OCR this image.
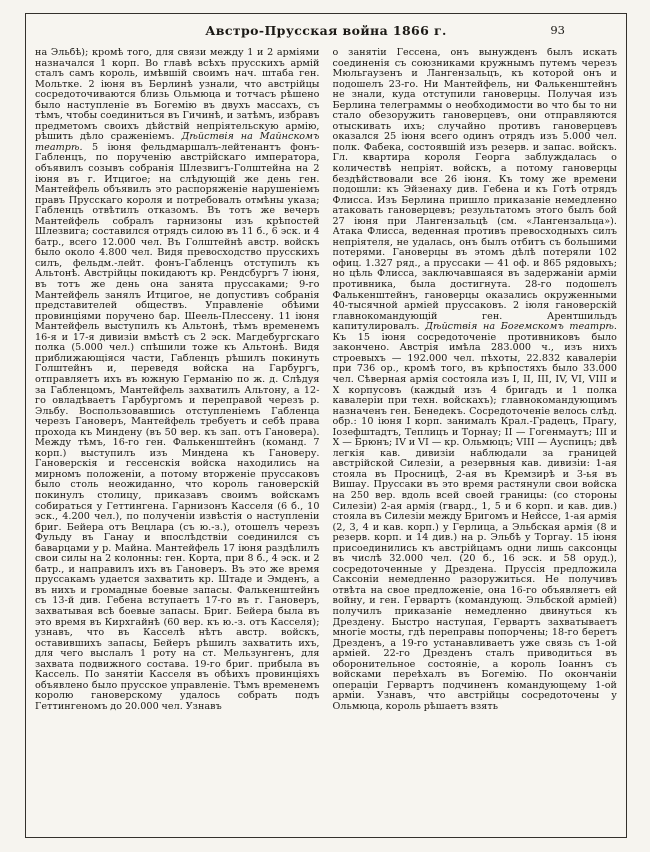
Австро-Прусская война 1866 г.	93
на Эльбѣ); кромѣ того, для связи между 1 и 2 арміями назначался 1 корп. Во главѣ всѣхъ прусскихъ армій сталъ самъ король, имѣвшій своимъ нач. штаба ген. Мольтке. 2 іюня въ Берлинѣ узнали, что австрійцы сосредоточиваются близь Ольмюца и тотчасъ рѣшено было наступленіе въ Богемію въ двухъ массахъ, съ тѣмъ, чтобы соединиться въ Гичинѣ, и затѣмъ, избравъ предметомъ своихъ дѣйствій непріятельскую армію, рѣшить дѣло сраженіемъ. Дѣйствія на Майнскомъ театрѣ. 5 іюня фельдмаршалъ-лейтенантъ фонъ-Габленцъ, по порученію австрійскаго императора, объявилъ созывъ собранія Шлезвигъ-Голштейна на 2 іюня въ г. Итцигое; на слѣдующій же день ген. Мантейфель объявилъ это распоряженіе нарушеніемъ правъ Прусскаго короля и потребовалъ отмѣны указа; Габленцъ отвѣтилъ отказомъ. Въ тотъ же вечеръ Мантейфель собралъ гарнизоны изъ крѣпостей Шлезвига; составился отрядъ силою въ 11 б., 6 эск. и 4 батр., всего 12.000 чел. Въ Голштейнѣ австр. войскъ было около 4.800 чел. Видя превосходство прусскихъ силъ, фельдм.-лейт. фонъ-Габленцъ отступилъ къ Альтонѣ. Австрійцы покидаютъ кр. Рендсбургъ 7 іюня, въ тотъ же день она занята пруссаками; 9-го Мантейфель занялъ Итцигое, не допустивъ собранія представителей обществъ. Управленіе обѣими провинціями поручено бар. Шеель-Плессену. 11 іюня Мантейфель выступилъ къ Альтонѣ, тѣмъ временемъ 16-я и 17-я дивизіи вмѣстѣ съ 2 эск. Магдебургскаго полка (5.000 чел.) спѣшили тоже къ Альтонѣ. Видя приближающіяся части, Габленцъ рѣшилъ покинуть Голштейнъ и, переведя войска на Гарбургъ, отправляетъ ихъ въ южную Германію по ж. д. Слѣдуя за Габленцомъ, Мантейфель захватилъ Альтону, а 12-го овладѣваетъ Гарбургомъ и переправой черезъ р. Эльбу. Воспользовавшись отступленіемъ Габленца черезъ Гановеръ, Мантейфель требуетъ и себѣ права прохода къ Миндену (въ 50 вер. къ зап. отъ Гановера). Между тѣмъ, 16-го ген. Фалькенштейнъ (команд. 7 корп.) выступилъ изъ Миндена къ Гановеру. Гановерскія и гессенскія войска находились на мирномъ положеніи, а потому вторженіе пруссаковъ было столь неожиданно, что король гановерскій покинулъ столицу, приказавъ своимъ войскамъ собираться у Геттингена. Гарнизонъ Касселя (6 б., 10 эск., 4.200 чел.), по полученіи извѣстія о наступленіи бриг. Бейера отъ Вецлара (съ ю.-з.), отошелъ черезъ Фульду въ Ганау и впослѣдствіи соединился съ баварцами у р. Майна. Мантейфель 17 іюня раздѣлилъ свои силы на 2 колонны: ген. Корта, при 8 б., 4 эск. и 2 батр., и направилъ ихъ въ Гановеръ. Въ это же время пруссакамъ удается захватить кр. Штаде и Эмденъ, а въ нихъ и громадные боевые запасы. Фалькенштейнъ съ 13-й див. Гебена вступаетъ 17-го въ г. Гановеръ, захватывая всѣ боевые запасы. Бриг. Бейера была въ это время въ Кирхгайнѣ (60 вер. къ ю.-з. отъ Касселя); узнавъ, что въ Касселѣ нѣтъ австр. войскъ, оставившихъ запасы, Бейеръ рѣшилъ захватить ихъ, для чего выслалъ 1 роту на ст. Мельзунгенъ, для захвата подвижного состава. 19-го бриг. прибыла въ Кассель. По занятіи Касселя въ обѣихъ провинціяхъ объявлено было прусское управленіе. Тѣмъ временемъ королю гановерскому удалось собрать подъ Геттингеномъ до 20.000 чел. Узнавъ
о занятіи Гессена, онъ вынужденъ былъ искать соединенія съ союзниками кружнымъ путемъ черезъ Мюльгаузенъ и Лангензальцъ, къ которой онъ и подошелъ 23-го. Ни Мантейфель, ни Фалькенштейнъ не знали, куда отступили гановерцы. Получая изъ Берлина телеграммы о необходимости во что бы то ни стало обезоружить гановерцевъ, они отправляются отыскивать ихъ; случайно противъ гановерцевъ оказался 25 іюня всего одинъ отрядъ изъ 5.000 чел. полк. Фабека, состоявшій изъ резерв. и запас. войскъ. Гл. квартира короля Георга заблуждалась о количествѣ непріят. войскъ, а потому гановерцы бездѣйствовали все 26 іюня. Къ тому же времени подошли: къ Эйзенаху див. Гебена и къ Готѣ отрядъ Флисса. Изъ Берлина пришло приказаніе немедленно атаковать гановерцевъ; результатомъ этого былъ бой 27 іюня при Лангензальцѣ (см. «Лангензальца»). Атака Флисса, веденная противъ превосходныхъ силъ непріятеля, не удалась, онъ былъ отбитъ съ большими потерями. Гановерцы въ этомъ дѣлѣ потеряли 102 офиц. 1.327 ряд., а пруссаки — 41 оф. и 865 рядовыхъ; но цѣль Флисса, заключавшаяся въ задержаніи арміи противника, была достигнута. 28-го подошелъ Фалькенштейнъ, гановерцы оказались окруженными 40-тысячной арміей пруссаковъ. 2 іюля гановерскій главнокомандующій ген. Арентшильдъ капитулировалъ. Дѣйствія на Богемскомъ театрѣ. Къ 15 іюня сосредоточеніе противниковъ было закончено. Австрія имѣла 283.000 ч., изъ нихъ строевыхъ — 192.000 чел. пѣхоты, 22.832 кавалеріи при 736 ор., кромѣ того, въ крѣпостяхъ было 33.000 чел. Сѣверная армія состояла изъ I, II, III, IV, VI, VIII и X корпусовъ (каждый изъ 4 бригадъ и 1 полка кавалеріи при техн. войскахъ); главнокомандующимъ назначенъ ген. Бенедекъ. Сосредоточеніе велось слѣд. обр.: 10 іюня I корп. занималъ Крал.-Градецъ, Прагу, Іозефштадтъ, Теплицъ и Торнау; II — Гогенмаутъ; III и X — Брюнъ; IV и VI — кр. Ольмюцъ; VIII — Ауспицъ; двѣ легкія кав. дивизіи наблюдали за границей австрійской Силезіи, а резервныя кав. дивизіи: 1-ая стояла въ Просницѣ, 2-ая въ Кремзирѣ и 3-ья въ Вишау. Пруссаки въ это время растянули свои войска на 250 вер. вдоль всей своей границы: (со стороны Силезіи) 2-ая армія (гвард., 1, 5 и 6 корп. и кав. див.) стояла въ Силезіи между Бригомъ и Нейссе, 1-ая армія (2, 3, 4 и кав. корп.) у Герлица, а Эльбская армія (8 и резерв. корп. и 14 див.) на р. Эльбѣ у Торгау. 15 іюня присоединились къ австрійцамъ одни лишь саксонцы въ числѣ 32.000 чел. (20 б., 16 эск. и 58 оруд.), сосредоточенные у Дрездена. Пруссія предложила Саксоніи немедленно разоружиться. Не получивъ отвѣта на свое предложеніе, она 16-го объявляетъ ей войну, и ген. Гервартъ (командующ. Эльбской арміей) получилъ приказаніе немедленно двинуться къ Дрездену. Быстро наступая, Гервартъ захватываетъ многіе мосты, гдѣ переправы попорчены; 18-го беретъ Дрезденъ, а 19-го устанавливаетъ уже связь съ 1-ой арміей. 22-го Дрезденъ сталъ приводиться въ оборонительное состояніе, а король Іоаннъ съ войсками переѣхалъ въ Богемію. По окончаніи операціи Гервартъ подчиненъ командующему 1-ой арміи. Узнавъ, что австрійцы сосредоточены у Ольмюца, король рѣшаетъ взять
